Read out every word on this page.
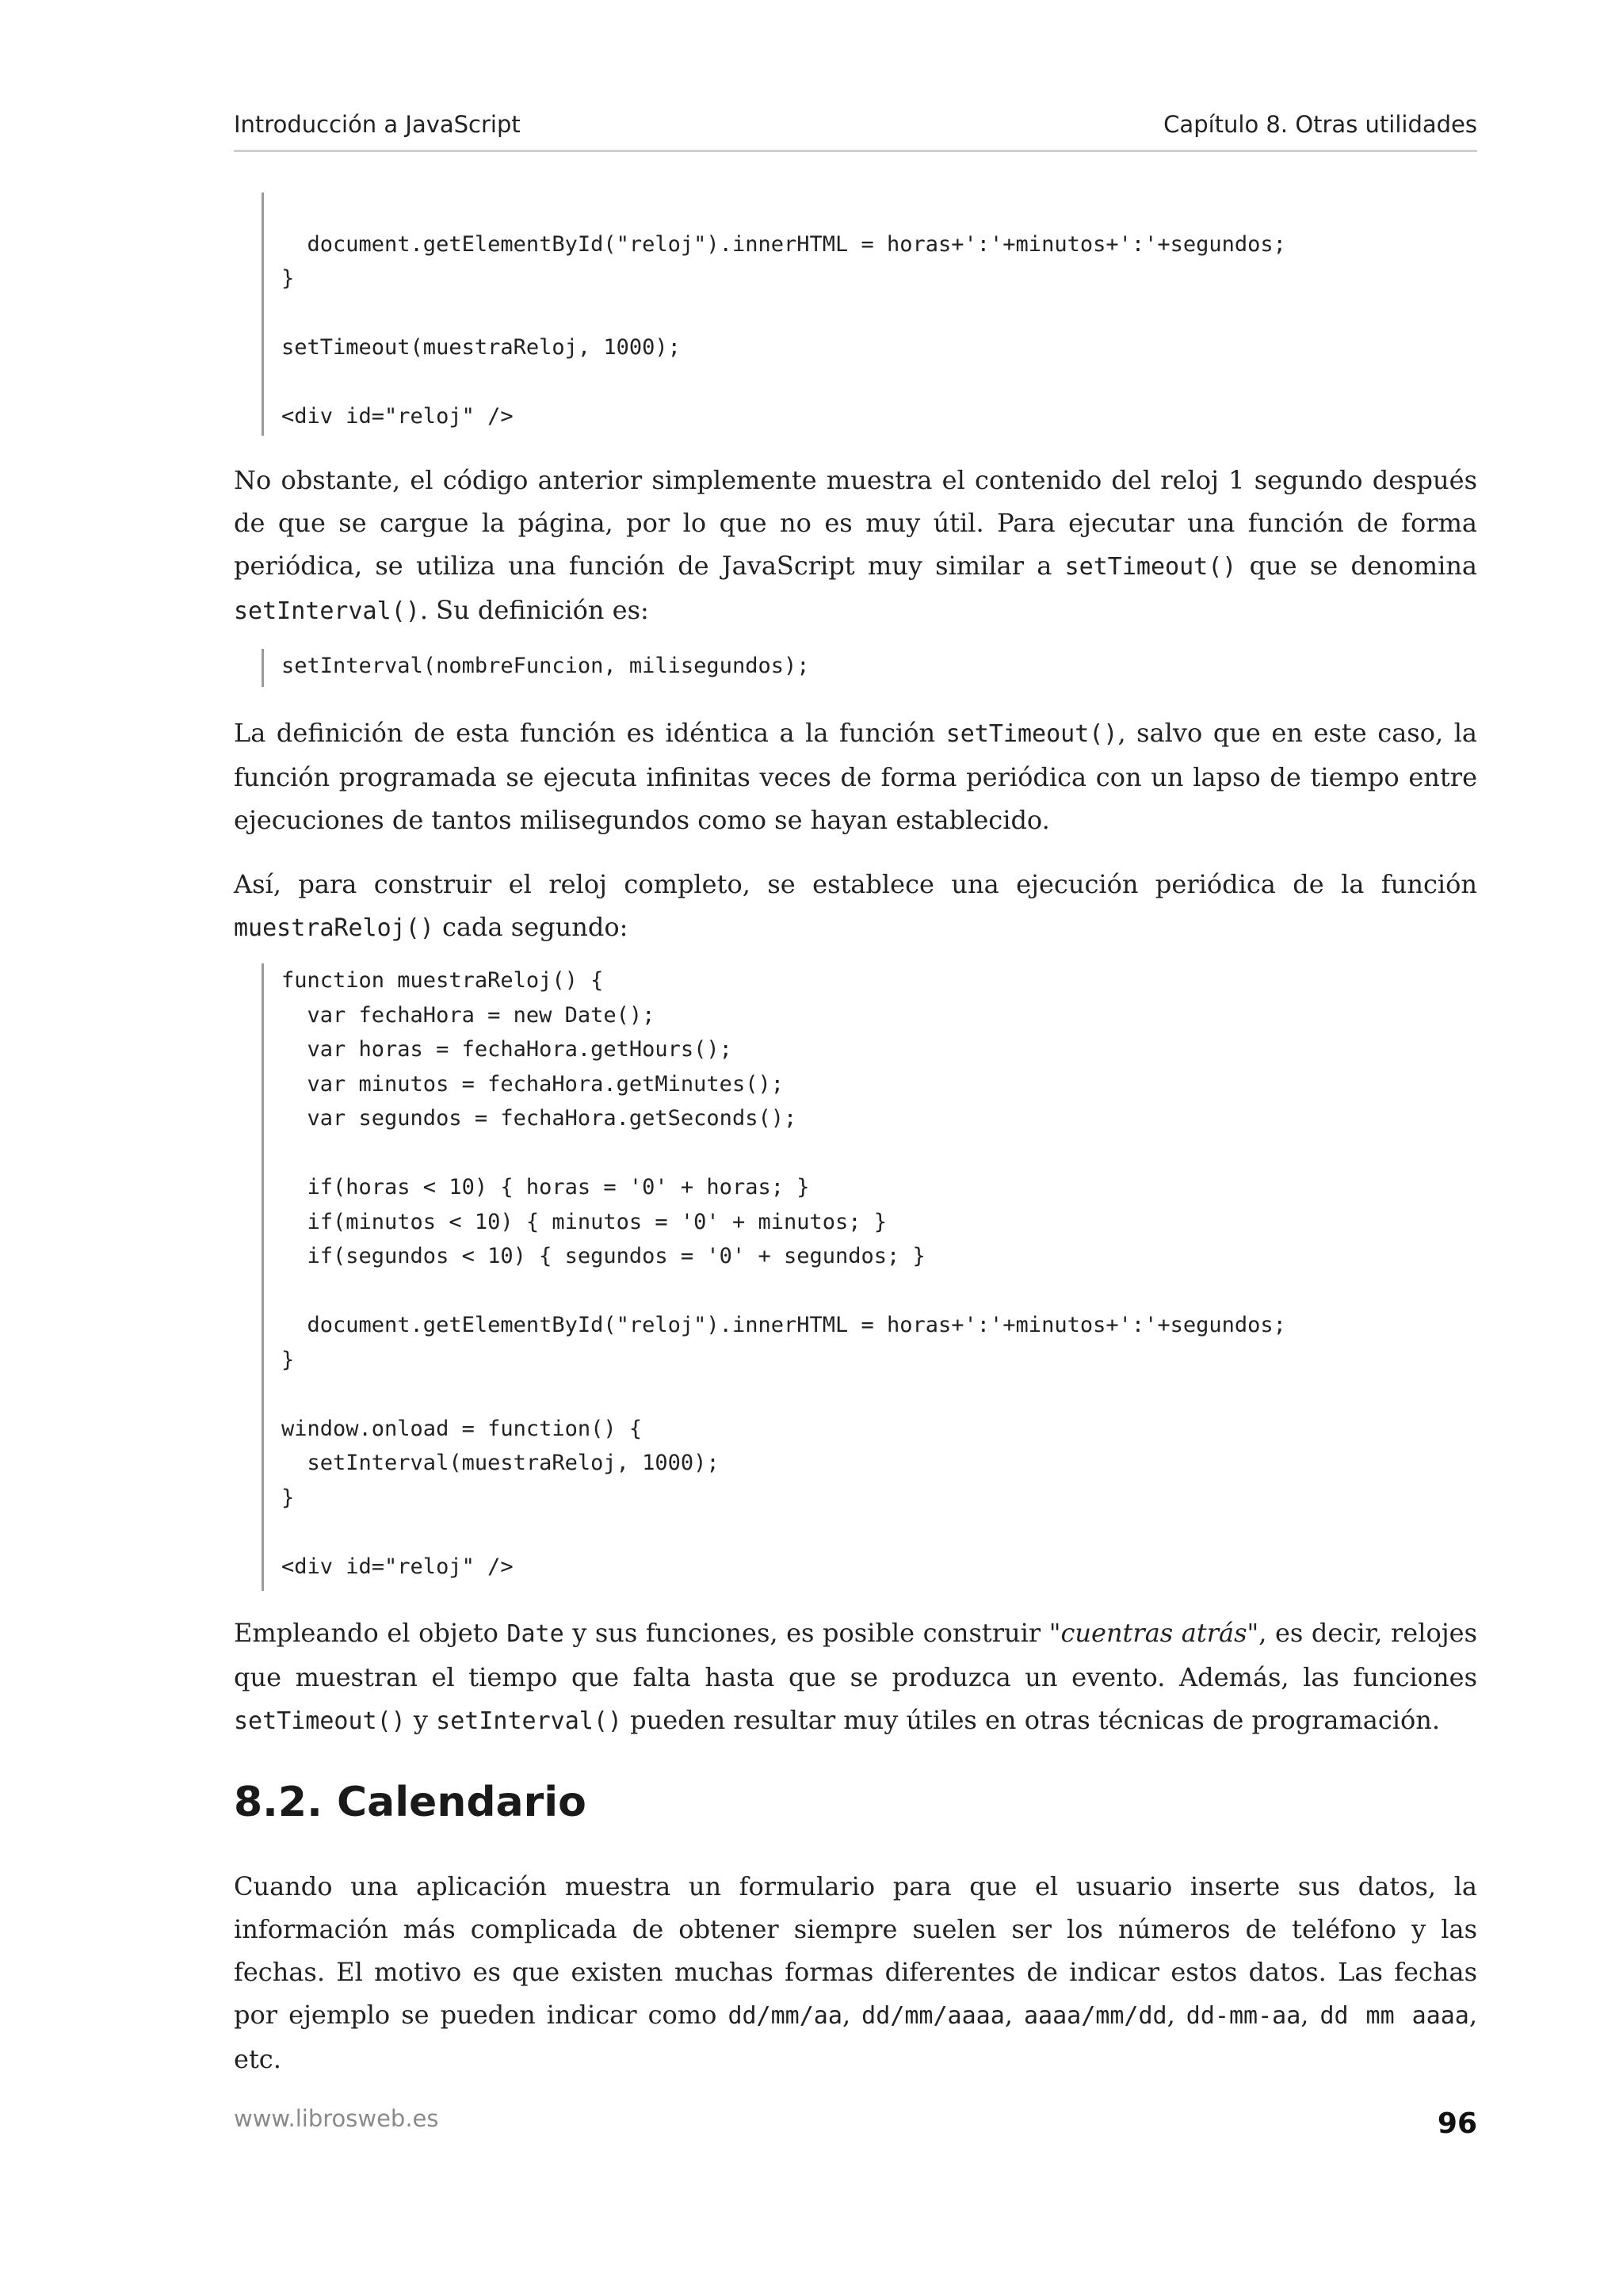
Introducción a JavaScript	Capítulo 8. Otras utilidades

document.getElementById("reloj").innerHTML = horas+':'+minutos+':'+segundos;
}

setTimeout(muestraReloj, 1000);

<div id="reloj" />

No obstante, el código anterior simplemente muestra el contenido del reloj 1 segundo después de que se cargue la página, por lo que no es muy útil. Para ejecutar una función de forma periódica, se utiliza una función de JavaScript muy similar a setTimeout() que se denomina setInterval(). Su definición es:

setInterval(nombreFuncion, milisegundos);

La definición de esta función es idéntica a la función setTimeout(), salvo que en este caso, la función programada se ejecuta infinitas veces de forma periódica con un lapso de tiempo entre ejecuciones de tantos milisegundos como se hayan establecido.

Así, para construir el reloj completo, se establece una ejecución periódica de la función muestraReloj() cada segundo:

function muestraReloj() {
var fechaHora = new Date();
var horas = fechaHora.getHours();
var minutos = fechaHora.getMinutes();
var segundos = fechaHora.getSeconds();

if(horas < 10) { horas = '0' + horas; }
if(minutos < 10) { minutos = '0' + minutos; }
if(segundos < 10) { segundos = '0' + segundos; }

document.getElementById("reloj").innerHTML = horas+':'+minutos+':'+segundos;
}

window.onload = function() {
setInterval(muestraReloj, 1000);
}

<div id="reloj" />

Empleando el objeto Date y sus funciones, es posible construir "cuentras atrás", es decir, relojes que muestran el tiempo que falta hasta que se produzca un evento. Además, las funciones setTimeout() y setInterval() pueden resultar muy útiles en otras técnicas de programación.

8.2. Calendario

Cuando una aplicación muestra un formulario para que el usuario inserte sus datos, la información más complicada de obtener siempre suelen ser los números de teléfono y las fechas. El motivo es que existen muchas formas diferentes de indicar estos datos. Las fechas por ejemplo se pueden indicar como dd/mm/aa, dd/mm/aaaa, aaaa/mm/dd, dd-mm-aa, dd mm aaaa, etc.

www.librosweb.es	96
